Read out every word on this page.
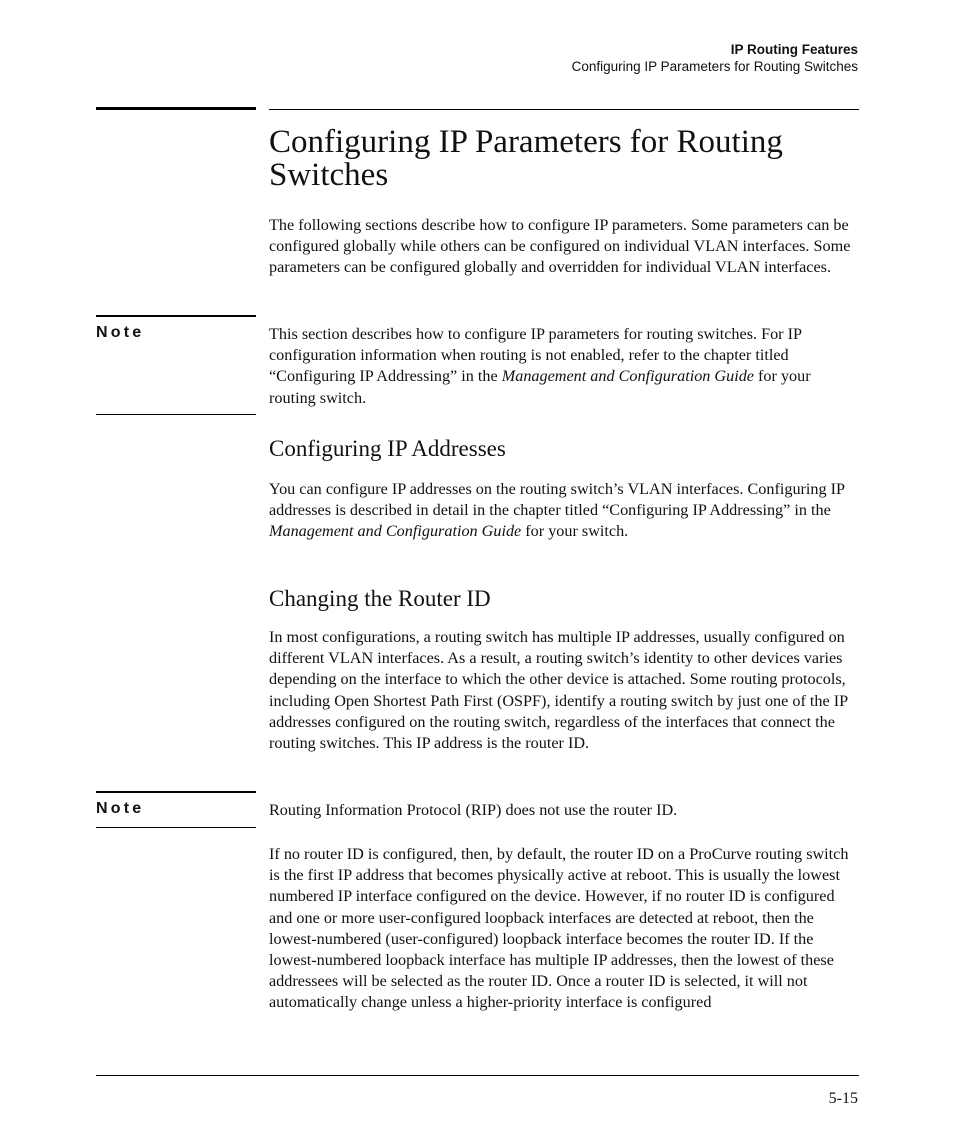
IP Routing Features
Configuring IP Parameters for Routing Switches
Configuring IP Parameters for Routing Switches

The following sections describe how to configure IP parameters. Some parameters can be configured globally while others can be configured on individual VLAN interfaces. Some parameters can be configured globally and overridden for individual VLAN interfaces.

Note	This section describes how to configure IP parameters for routing switches. For IP configuration information when routing is not enabled, refer to the chapter titled “Configuring IP Addressing” in the Management and Configuration Guide for your routing switch.

Configuring IP Addresses

You can configure IP addresses on the routing switch’s VLAN interfaces. Configuring IP addresses is described in detail in the chapter titled “Configuring IP Addressing” in the Management and Configuration Guide for your switch.

Changing the Router ID

In most configurations, a routing switch has multiple IP addresses, usually configured on different VLAN interfaces. As a result, a routing switch’s identity to other devices varies depending on the interface to which the other device is attached. Some routing protocols, including Open Shortest Path First (OSPF), identify a routing switch by just one of the IP addresses configured on the routing switch, regardless of the interfaces that connect the routing switches. This IP address is the router ID.

Note	Routing Information Protocol (RIP) does not use the router ID.

If no router ID is configured, then, by default, the router ID on a ProCurve routing switch is the first IP address that becomes physically active at reboot. This is usually the lowest numbered IP interface configured on the device. However, if no router ID is configured and one or more user-configured loopback interfaces are detected at reboot, then the lowest-numbered (user-configured) loopback interface becomes the router ID. If the lowest-numbered loopback interface has multiple IP addresses, then the lowest of these addressees will be selected as the router ID. Once a router ID is selected, it will not automatically change unless a higher-priority interface is configured

5-15
